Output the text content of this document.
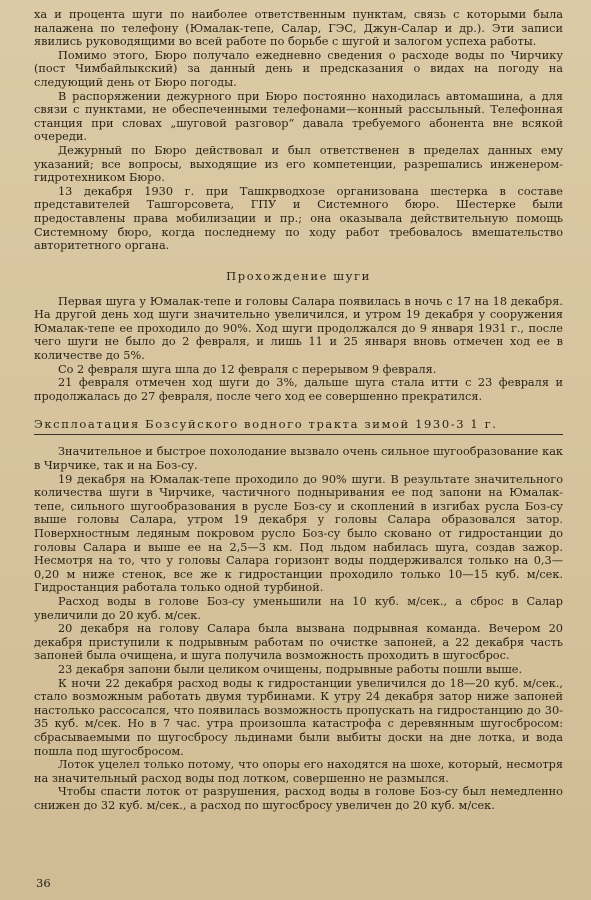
ха и процента шуги по наиболее ответственным пунктам, связь с которыми была налажена по телефону (Юмалак-тепе, Салар, ГЭС, Джун-Салар и др.). Эти записи явились руководящими во всей работе по борьбе с шугой и залогом успеха работы.

Помимо этого, Бюро получало ежедневно сведения о расходе воды по Чирчику (пост Чимбайлыкский) за данный день и предсказания о видах на погоду на следующий день от Бюро погоды.

В распоряжении дежурного при Бюро постоянно находилась автомашина, а для связи с пунктами, не обеспеченными телефонами—конный рассыльный. Телефонная станция при словах „шуговой разговор“ давала требуемого абонента вне всякой очереди.

Дежурный по Бюро действовал и был ответственен в пределах данных ему указаний; все вопросы, выходящие из его компетенции, разрешались инженером-гидротехником Бюро.

13 декабря 1930 г. при Ташкрводхозе организована шестерка в составе представителей Ташгорсовета, ГПУ и Системного бюро. Шестерке были предоставлены права мобилизации и пр.; она оказывала действительную помощь Системному бюро, когда последнему по ходу работ требовалось вмешательство авторитетного органа.

Прохождение шуги

Первая шуга у Юмалак-тепе и головы Салара появилась в ночь с 17 на 18 декабря. На другой день ход шуги значительно увеличился, и утром 19 декабря у сооружения Юмалак-тепе ее проходило до 90%. Ход шуги продолжался до 9 января 1931 г., после чего шуги не было до 2 февраля, и лишь 11 и 25 января вновь отмечен ход ее в количестве до 5%.

Со 2 февраля шуга шла до 12 февраля с перерывом 9 февраля.

21 февраля отмечен ход шуги до 3%, дальше шуга стала итти с 23 февраля и продолжалась до 27 февраля, после чего ход ее совершенно прекратился.

Эксплоатация Бозсуйского водного тракта зимой 1930-3 1 г.

Значительное и быстрое похолодание вызвало очень сильное шугообразование как в Чирчике, так и на Боз-су.

19 декабря на Юмалак-тепе проходило до 90% шуги. В результате значительного количества шуги в Чирчике, частичного подныривания ее под запони на Юмалак-тепе, сильного шугообразования в русле Боз-су и скоплений в изгибах русла Боз-су выше головы Салара, утром 19 декабря у головы Салара образовался затор. Поверхностным ледяным покровом русло Боз-су было сковано от гидростанции до головы Салара и выше ее на 2,5—3 км. Под льдом набилась шуга, создав зажор. Несмотря на то, что у головы Салара горизонт воды поддерживался только на 0,3—0,20 м ниже стенок, все же к гидростанции проходило только 10—15 куб. м/сек. Гидростанция работала только одной турбиной.

Расход воды в голове Боз-су уменьшили на 10 куб. м/сек., а сброс в Салар увеличили до 20 куб. м/сек.

20 декабря на голову Салара была вызвана подрывная команда. Вечером 20 декабря приступили к подрывным работам по очистке запоней, а 22 декабря часть запоней была очищена, и шуга получила возможность проходить в шугосброс.

23 декабря запони были целиком очищены, подрывные работы пошли выше.

К ночи 22 декабря расход воды к гидростанции увеличился до 18—20 куб. м/сек., стало возможным работать двумя турбинами. К утру 24 декабря затор ниже запоней настолько рассосался, что появилась возможность пропускать на гидростанцию до 30-35 куб. м/сек. Но в 7 час. утра произошла катастрофа с деревянным шугосбросом: сбрасываемыми по шугосбросу льдинами были выбиты доски на дне лотка, и вода пошла под шугосбросом.

Лоток уцелел только потому, что опоры его находятся на шохе, который, несмотря на значительный расход воды под лотком, совершенно не размылся.

Чтобы спасти лоток от разрушения, расход воды в голове Боз-су был немедленно снижен до 32 куб. м/сек., а расход по шугосбросу увеличен до 20 куб. м/сек.

36
